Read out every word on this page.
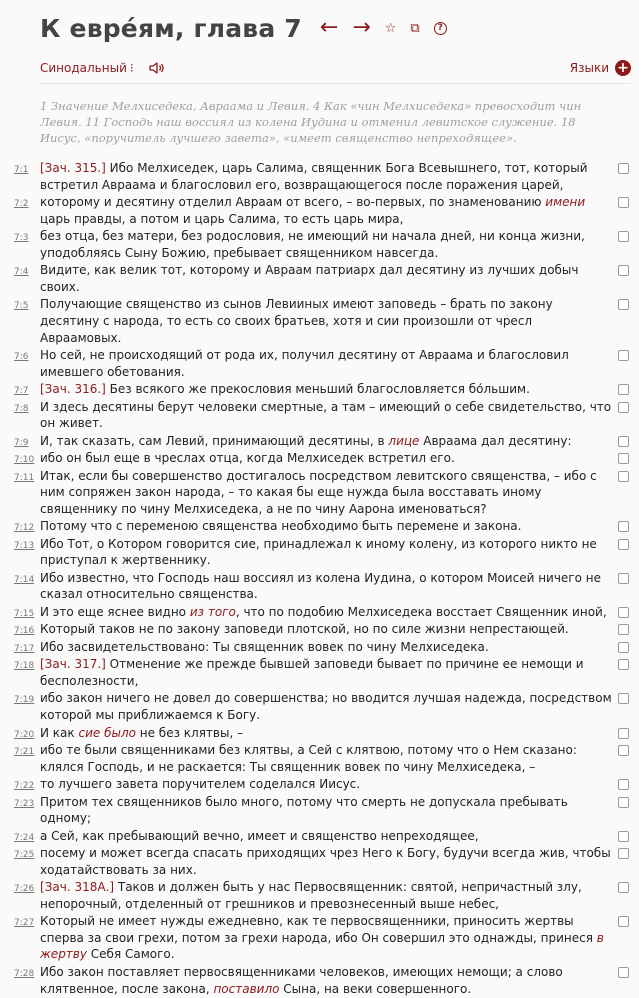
К евре́ям, глава 7 ← → ☆ ⧉	?
Синодальный ⁝	Языки +
1 Значение Мелхиседека, Авраама и Левия. 4 Как «чин Мелхиседека» превосходит чин Левия. 11 Господь наш воссиял из колена Иудина и отменил левитское служение. 18 Иисус, «поручитель лучшего завета», «имеет священство непреходящее».
7:1 [Зач. 315.] Ибо Мелхиседек, царь Салима, священник Бога Всевышнего, тот, который встретил Авраама и благословил его, возвращающегося после поражения царей,
7:2 которому и десятину отделил Авраам от всего, – во-первых, по знаменованию имени царь правды, а потом и царь Салима, то есть царь мира,
7:3 без отца, без матери, без родословия, не имеющий ни начала дней, ни конца жизни, уподобляясь Сыну Божию, пребывает священником навсегда.
7:4 Видите, как велик тот, которому и Авраам патриарх дал десятину из лучших добыч своих.
7:5 Получающие священство из сынов Левииных имеют заповедь – брать по закону десятину с народа, то есть со своих братьев, хотя и сии произошли от чресл Авраамовых.
7:6 Но сей, не происходящий от рода их, получил десятину от Авраама и благословил имевшего обетования.
7:7 [Зач. 316.] Без всякого же прекословия меньший благословляется бо́льшим.
7:8 И здесь десятины берут человеки смертные, а там – имеющий о себе свидетельство, что он живет.
7:9 И, так сказать, сам Левий, принимающий десятины, в лице Авраама дал десятину:
7:10 ибо он был еще в чреслах отца, когда Мелхиседек встретил его.
7:11 Итак, если бы совершенство достигалось посредством левитского священства, – ибо с ним сопряжен закон народа, – то какая бы еще нужда была восставать иному священнику по чину Мелхиседека, а не по чину Аарона именоваться?
7:12 Потому что с переменою священства необходимо быть перемене и закона.
7:13 Ибо Тот, о Котором говорится сие, принадлежал к иному колену, из которого никто не приступал к жертвеннику.
7:14 Ибо известно, что Господь наш воссиял из колена Иудина, о котором Моисей ничего не сказал относительно священства.
7:15 И это еще яснее видно из того, что по подобию Мелхиседека восстает Священник иной,
7:16 Который таков не по закону заповеди плотской, но по силе жизни непрестающей.
7:17 Ибо засвидетельствовано: Ты священник вовек по чину Мелхиседека.
7:18 [Зач. 317.] Отменение же прежде бывшей заповеди бывает по причине ее немощи и бесполезности,
7:19 ибо закон ничего не довел до совершенства; но вводится лучшая надежда, посредством которой мы приближаемся к Богу.
7:20 И как сие было не без клятвы, –
7:21 ибо те были священниками без клятвы, а Сей с клятвою, потому что о Нем сказано: клялся Господь, и не раскается: Ты священник вовек по чину Мелхиседека, –
7:22 то лучшего завета поручителем соделался Иисус.
7:23 Притом тех священников было много, потому что смерть не допускала пребывать одному;
7:24 а Сей, как пребывающий вечно, имеет и священство непреходящее,
7:25 посему и может всегда спасать приходящих чрез Него к Богу, будучи всегда жив, чтобы ходатайствовать за них.
7:26 [Зач. 318А.] Таков и должен быть у нас Первосвященник: святой, непричастный злу, непорочный, отделенный от грешников и превознесенный выше небес,
7:27 Который не имеет нужды ежедневно, как те первосвященники, приносить жертвы сперва за свои грехи, потом за грехи народа, ибо Он совершил это однажды, принеся в жертву Себя Самого.
7:28 Ибо закон поставляет первосвященниками человеков, имеющих немощи; а слово клятвенное, после закона, поставило Сына, на веки совершенного.
